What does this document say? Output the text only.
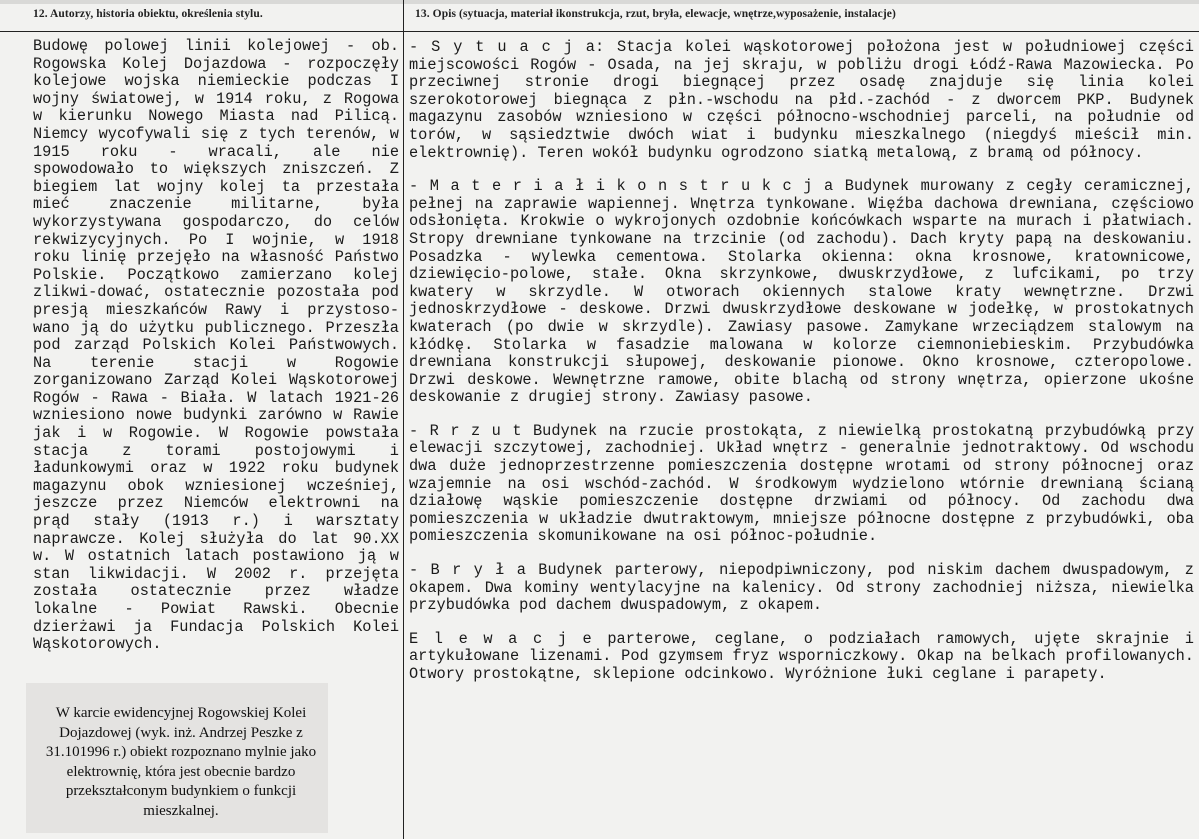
12. Autorzy, historia obiektu, określenia stylu.	13. Opis (sytuacja, materiał ikonstrukcja, rzut, bryła, elewacje, wnętrze,wyposażenie, instalacje)

Budowę polowej linii kolejowej - ob. Rogowska Kolej Dojazdowa - rozpoczęły kolejowe wojska niemieckie podczas I wojny światowej, w 1914 roku, z Rogowa w kierunku Nowego Miasta nad Pilicą. Niemcy wycofywali się z tych terenów, w 1915 roku - wracali, ale nie spowodowało to większych zniszczeń. Z biegiem lat wojny kolej ta przestała mieć znaczenie militarne, była wykorzystywana gospodarczo, do celów rekwizycyjnych. Po I wojnie, w 1918 roku linię przejęło na własność Państwo Polskie. Początkowo zamierzano kolej zlikwi-dować, ostatecznie pozostała pod presją mieszkańców Rawy i przystoso-wano ją do użytku publicznego. Przeszła pod zarząd Polskich Kolei Państwowych. Na terenie stacji w Rogowie zorganizowano Zarząd Kolei Wąskotorowej Rogów - Rawa - Biała. W latach 1921-26 wzniesiono nowe budynki zarówno w Rawie jak i w Rogowie. W Rogowie powstała stacja z torami postojowymi i ładunkowymi oraz w 1922 roku budynek magazynu obok wzniesionej wcześniej, jeszcze przez Niemców elektrowni na prąd stały (1913 r.) i warsztaty naprawcze. Kolej służyła do lat 90.XX w. W ostatnich latach postawiono ją w stan likwidacji. W 2002 r. przejęta została ostatecznie przez władze lokalne - Powiat Rawski. Obecnie dzierżawi ja Fundacja Polskich Kolei Wąskotorowych.

W karcie ewidencyjnej Rogowskiej Kolei Dojazdowej (wyk. inż. Andrzej Peszke z 31.101996 r.) obiekt rozpoznano mylnie jako elektrownię, która jest obecnie bardzo przekształconym budynkiem o funkcji mieszkalnej.

- S y t u a c j a: Stacja kolei wąskotorowej położona jest w południowej części miejscowości Rogów - Osada, na jej skraju, w pobliżu drogi Łódź-Rawa Mazowiecka. Po przeciwnej stronie drogi biegnącej przez osadę znajduje się linia kolei szerokotorowej biegnąca z płn.-wschodu na płd.-zachód - z dworcem PKP. Budynek magazynu zasobów wzniesiono w części północno-wschodniej parceli, na południe od torów, w sąsiedztwie dwóch wiat i budynku mieszkalnego (niegdyś mieścił min. elektrownię). Teren wokół budynku ogrodzono siatką metalową, z bramą od północy.

- M a t e r i a ł i k o n s t r u k c j a Budynek murowany z cegły ceramicznej, pełnej na zaprawie wapiennej. Wnętrza tynkowane. Więźba dachowa drewniana, częściowo odsłonięta. Krokwie o wykrojonych ozdobnie końcówkach wsparte na murach i płatwiach. Stropy drewniane tynkowane na trzcinie (od zachodu). Dach kryty papą na deskowaniu. Posadzka - wylewka cementowa. Stolarka okienna: okna krosnowe, kratownicowe, dziewięcio-polowe, stałe. Okna skrzynkowe, dwuskrzydłowe, z lufcikami, po trzy kwatery w skrzydle. W otworach okiennych stalowe kraty wewnętrzne. Drzwi jednoskrzydłowe - deskowe. Drzwi dwuskrzydłowe deskowane w jodełkę, w prostokatnych kwaterach (po dwie w skrzydle). Zawiasy pasowe. Zamykane wrzeciądzem stalowym na kłódkę. Stolarka w fasadzie malowana w kolorze ciemnoniebieskim. Przybudówka drewniana konstrukcji słupowej, deskowanie pionowe. Okno krosnowe, czteropolowe. Drzwi deskowe. Wewnętrzne ramowe, obite blachą od strony wnętrza, opierzone ukośne deskowanie z drugiej strony. Zawiasy pasowe.

- R r z u t Budynek na rzucie prostokąta, z niewielką prostokatną przybudówką przy elewacji szczytowej, zachodniej. Układ wnętrz - generalnie jednotraktowy. Od wschodu dwa duże jednoprzestrzenne pomieszczenia dostępne wrotami od strony północnej oraz wzajemnie na osi wschód-zachód. W środkowym wydzielono wtórnie drewnianą ścianą działowę wąskie pomieszczenie dostępne drzwiami od północy. Od zachodu dwa pomieszczenia w układzie dwutraktowym, mniejsze północne dostępne z przybudówki, oba pomieszczenia skomunikowane na osi północ-południe.

- B r y ł a Budynek parterowy, niepodpiwniczony, pod niskim dachem dwuspadowym, z okapem. Dwa kominy wentylacyjne na kalenicy. Od strony zachodniej niższa, niewielka przybudówka pod dachem dwuspadowym, z okapem.

E l e w a c j e parterowe, ceglane, o podziałach ramowych, ujęte skrajnie i artykułowane lizenami. Pod gzymsem fryz wsporniczkowy. Okap na belkach profilowanych. Otwory prostokątne, sklepione odcinkowo. Wyróżnione łuki ceglane i parapety.
